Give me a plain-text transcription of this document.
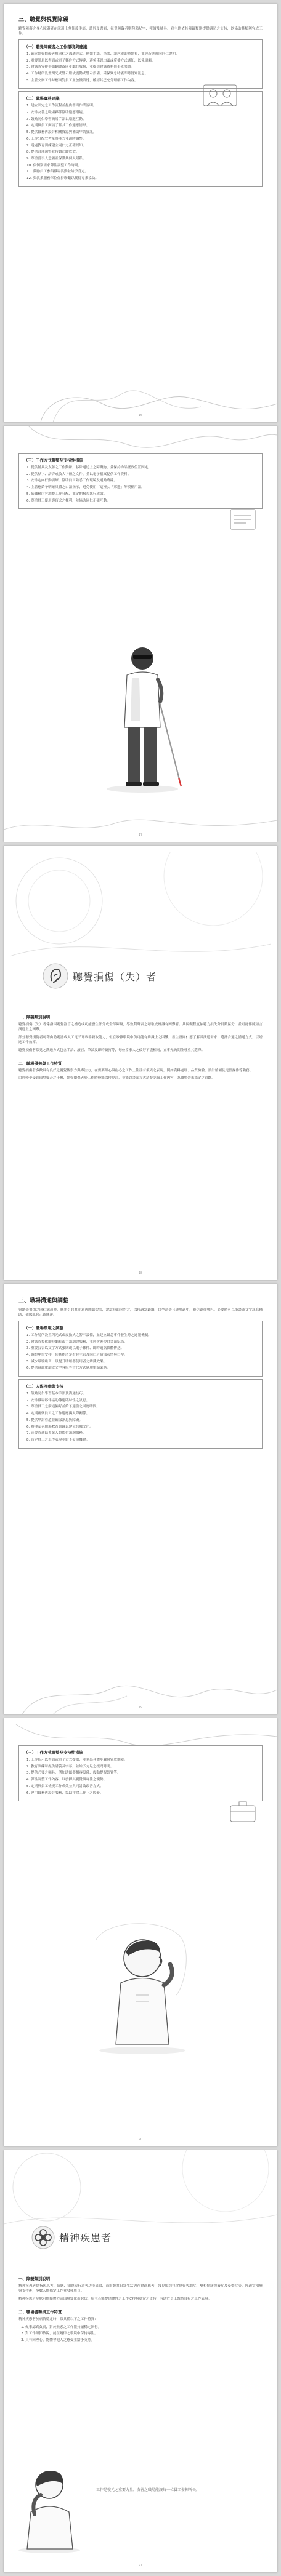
三、聽覺與視覺障礙
聽覺障礙之身心障礙者在溝通上多仰賴手語、讀唇及書寫，視覺障礙者則仰賴點字、報讀及輔具。雇主應依其障礙類別提供適切之支持，以協助其順利完成工作。
（一）聽覺障礙者之工作環境與建議
1. 確立聽覺障礙者與同仁之溝通方式，例如手語、筆談、讀唇或即時聽打，並於新進時向同仁說明。
2. 重要訊息以書面或電子郵件方式傳達，避免僅以口頭或廣播方式通知，以免遺漏。
3. 會議時安排手語翻譯或同步聽打服務，並提供會議資料供事先閱讀。
4. 工作場所設置閃光式警示燈或震動式警示設備，確保緊急時能即時得知訊息。
5. 主管交辦工作時應面對員工並放慢語速，確認其已充分理解工作內容。
（二）職場實務建議
1. 建立固定之工作流程並提供書面作業說明。
2. 安排友善之職場夥伴協助適應環境。
3. 鼓勵同仁學習簡易手語以增進互動。
4. 定期與員工面談了解其工作適應情形。
5. 提供職務再設計相關資源與補助申請資訊。
6. 工作分配宜考量其能力並適時調整。
7. 透過教育訓練建立同仁之正確認知。
8. 提供合理調整並持續追蹤成效。
9. 尊重當事人意願並保護其個人隱私。
10. 依個別需求彈性調整工作時間。
11. 鼓勵員工參與職場活動並給予肯定。
12. 與就業服務單位保持聯繫以獲得專業協助。
16
（三）工作方式調整及支持性措施
1. 提供輔具及友善之工作動線，移除通道上之障礙物，並保持物品擺放位置固定。
2. 提供點字、語音或放大字體之文件，並以電子檔案提供工作資料。
3. 安排定向行動訓練，協助員工熟悉工作環境及通勤路線。
4. 主管應給予明確具體之口語指示，避免使用「這裡」、「那邊」等模糊用語。
5. 依職務內容調整工作分配，並定期檢視執行成效。
6. 尊重員工使用導盲犬之權利，並協助同仁正確互動。
17
聽覺損傷（失）者
一、障礙類別說明
聽覺損傷（失）者係指因聽覺器官之構造或功能發生部分或全部障礙，導致對聲音之聽取或辨識有困難者。其障礙程度依聽力損失分貝數區分，並可能伴隨語言溝通上之困難。
部分聽覺損傷者可藉由助聽器或人工電子耳改善聽取能力，但在吵雜環境中仍可能有辨識上之困難。雇主及同仁應了解其溝通需求，選擇合適之溝通方式，以增進工作效率。
聽覺損傷者常見之溝通方式包含手語、讀唇、筆談及即時聽打等，每位當事人之偏好不盡相同，宜事先詢問並尊重其選擇。
二、職場優勢與工作特質
聽覺損傷者多數具有良好之視覺觀察力與專注力，在需要細心與耐心之工作上往往有優異之表現，例如資料處理、品質檢驗、設計繪圖及電腦操作等職務。
由於較少受到環境噪音之干擾，聽覺損傷者於工作時較能保持專注，並能以書面方式清楚記錄工作內容，為職場帶來穩定之貢獻。
18
三、職場溝通與調整
與聽覺損傷之同仁溝通時，應先引起其注意再開始說話，說話時面向對方，保持適當距離，口型清楚且速度適中，避免遮住嘴巴。必要時可以筆談或文字訊息輔助，確保訊息正確傳達。
（一）職場環境之調整
1. 工作場所設置閃光式或震動式之警示設備，並建立緊急事件發生時之通報機制。
2. 會議時提供即時聽打或手語翻譯服務，並於會後提供書面紀錄。
3. 重要公告以文字方式張貼或以電子郵件、即時通訊軟體傳送。
4. 調整座位安排，使其能清楚看見主管及同仁之臉部表情與口型。
5. 減少環境噪音，以提升助聽器使用者之辨識效果。
6. 提供視訊電話或文字客服等替代方式處理電話業務。
（二）人際互動與支持
1. 鼓勵同仁學習基本手語及溝通技巧。
2. 安排職場夥伴協助傳達臨時性之訊息。
3. 尊重員工之溝通偏好並給予適當之回應時間。
4. 定期關懷員工之工作適應與人際關係。
5. 提供申訴管道並確保訊息無障礙。
6. 辦理友善職場教育訓練以建立共融文化。
7. 必要時連結專業人員提供諮詢服務。
8. 肯定員工之工作表現並給予發展機會。
19
（三）工作方式調整及支持性措施
1. 工作指示以書面或電子方式提供，並列出具體步驟與完成期限。
2. 教育訓練時提供講義及字幕，並給予充足之提問時間。
3. 提供必要之輔具，例如助聽器相容設備、震動提醒裝置等。
4. 彈性調整工作內容，以發揮其視覺與專注之優勢。
5. 定期與員工檢視工作成效並共同討論改善方式。
6. 運用職務再設計服務，協助排除工作上之障礙。
20
精神疾患者
一、障礙類別說明
精神疾患者係指因思考、情緒、知覺或行為等功能異常，而影響其日常生活與社會適應者，常見類別包含思覺失調症、雙相情緒障礙症及憂鬱症等。經適當治療與支持後，多數人能穩定工作並發揮所長。
精神疾患之症狀可能隨壓力或環境變化而起伏，雇主若能提供彈性之工作安排與穩定之支持，有助於員工維持良好之工作表現。
二、職場優勢與工作特質
精神疾患者於病情穩定時，常具備以下之工作特質：
1. 做事認真負責，對於熟悉之工作能持續穩定執行。
2. 對工作細節敏銳，能在規律之環境中保持專注。
3. 具有同理心，能體會他人之感受並給予支持。
工作是復元之重要力量，友善之職場能讓每一位員工發揮所長。
21
